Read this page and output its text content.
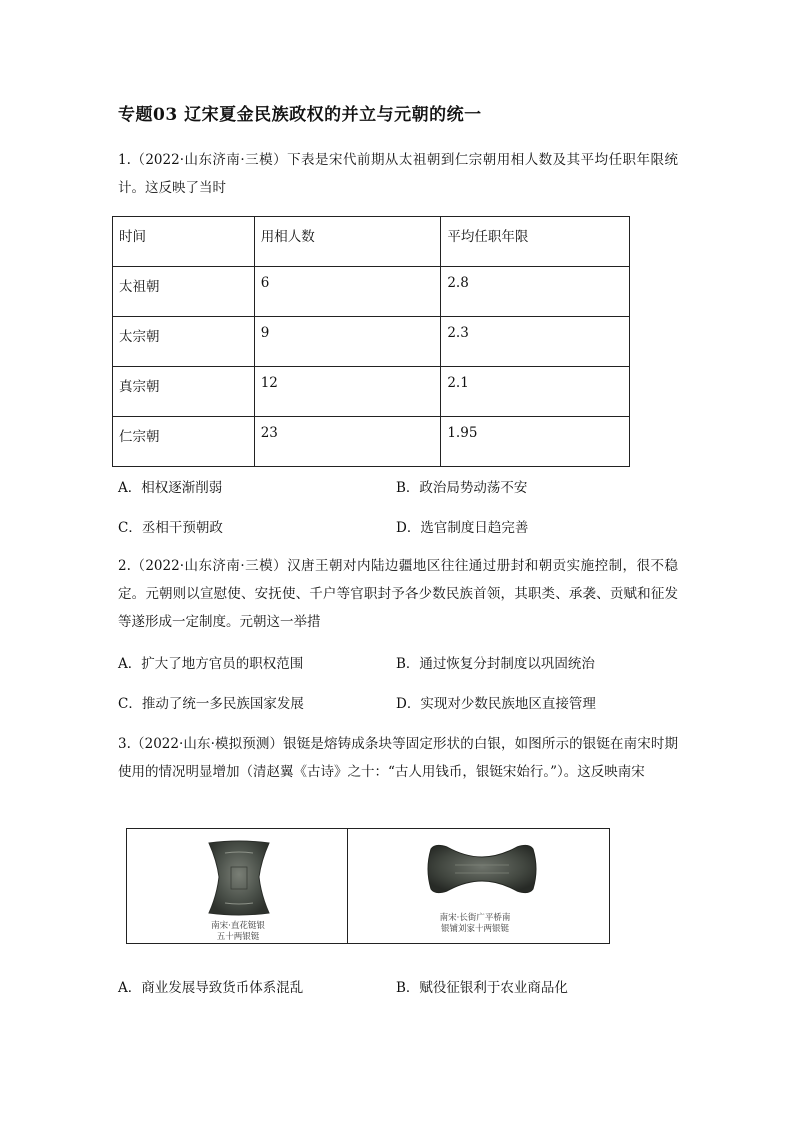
专题03 辽宋夏金民族政权的并立与元朝的统一
1.（2022·山东济南·三模）下表是宋代前期从太祖朝到仁宗朝用相人数及其平均任职年限统计。这反映了当时
时间	用相人数	平均任职年限
太祖朝	6	2.8
太宗朝	9	2.3
真宗朝	12	2.1
仁宗朝	23	1.95
A．相权逐渐削弱	B．政治局势动荡不安
C．丞相干预朝政	D．选官制度日趋完善
2.（2022·山东济南·三模）汉唐王朝对内陆边疆地区往往通过册封和朝贡实施控制，很不稳定。元朝则以宣慰使、安抚使、千户等官职封予各少数民族首领，其职类、承袭、贡赋和征发等遂形成一定制度。元朝这一举措
A．扩大了地方官员的职权范围	B．通过恢复分封制度以巩固统治
C．推动了统一多民族国家发展	D．实现对少数民族地区直接管理
3.（2022·山东·模拟预测）银铤是熔铸成条块等固定形状的白银，如图所示的银铤在南宋时期使用的情况明显增加（清赵翼《古诗》之十：“古人用钱币，银铤宋始行。”）。这反映南宋
南宋·直花铤银
五十两银铤
南宋·长街广平桥南
银铺刘家十两银铤
A．商业发展导致货币体系混乱	B．赋役征银利于农业商品化
